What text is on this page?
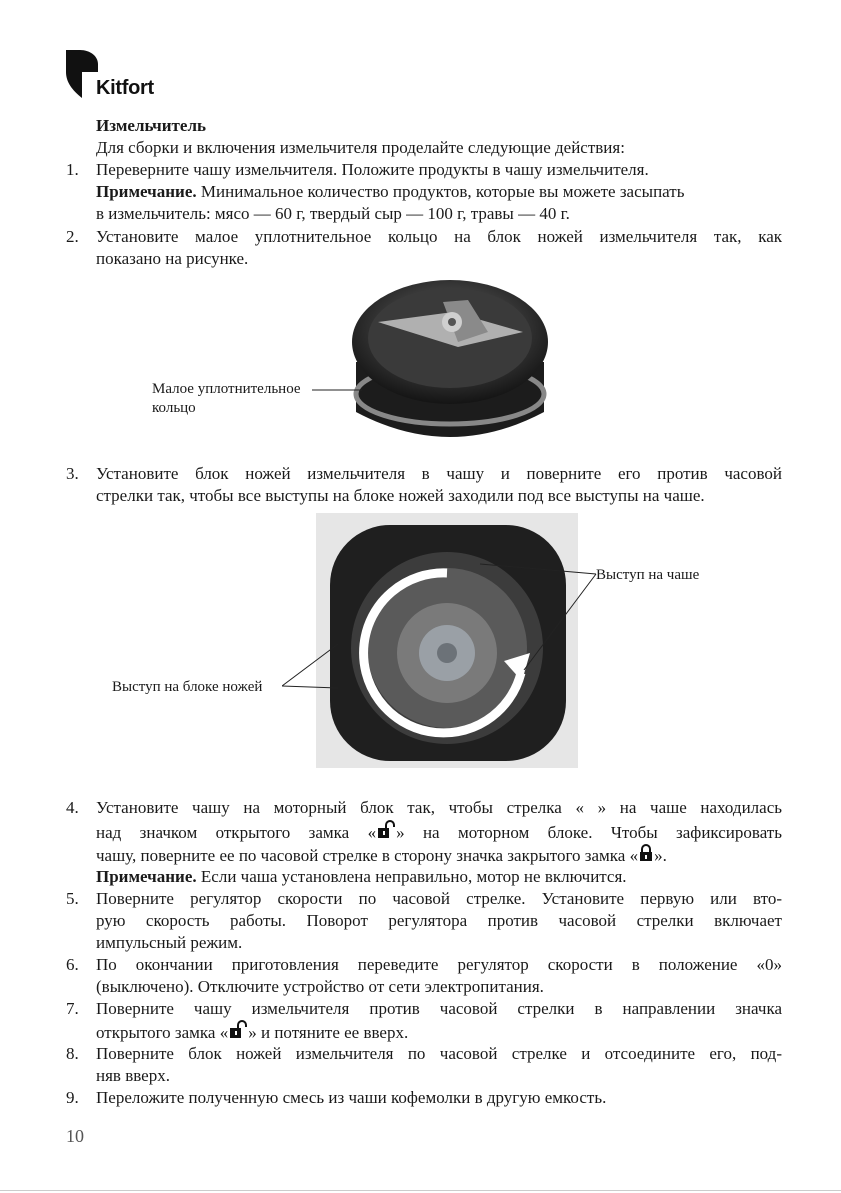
Kitfort
Измельчитель
Для сборки и включения измельчителя проделайте следующие действия:
1. Переверните чашу измельчителя. Положите продукты в чашу измельчителя.
Примечание. Минимальное количество продуктов, которые вы можете засыпать
в измельчитель: мясо — 60 г, твердый сыр — 100 г, травы — 40 г.
2. Установите малое уплотнительное кольцо на блок ножей измельчителя так, как
показано на рисунке.
Малое уплотнительное
кольцо
3. Установите блок ножей измельчителя в чашу и поверните его против часовой
стрелки так, чтобы все выступы на блоке ножей заходили под все выступы на чаше.
Выступ на чаше
Выступ на блоке ножей
4. Установите чашу на моторный блок так, чтобы стрелка « » на чаше находилась
над значком открытого замка « » на моторном блоке. Чтобы зафиксировать
чашу, поверните ее по часовой стрелке в сторону значка закрытого замка « ».
Примечание. Если чаша установлена неправильно, мотор не включится.
5. Поверните регулятор скорости по часовой стрелке. Установите первую или вто-
рую скорость работы. Поворот регулятора против часовой стрелки включает
импульсный режим.
6. По окончании приготовления переведите регулятор скорости в положение «0»
(выключено). Отключите устройство от сети электропитания.
7. Поверните чашу измельчителя против часовой стрелки в направлении значка
открытого замка « » и потяните ее вверх.
8. Поверните блок ножей измельчителя по часовой стрелке и отсоедините его, под-
няв вверх.
9. Переложите полученную смесь из чаши кофемолки в другую емкость.
10
